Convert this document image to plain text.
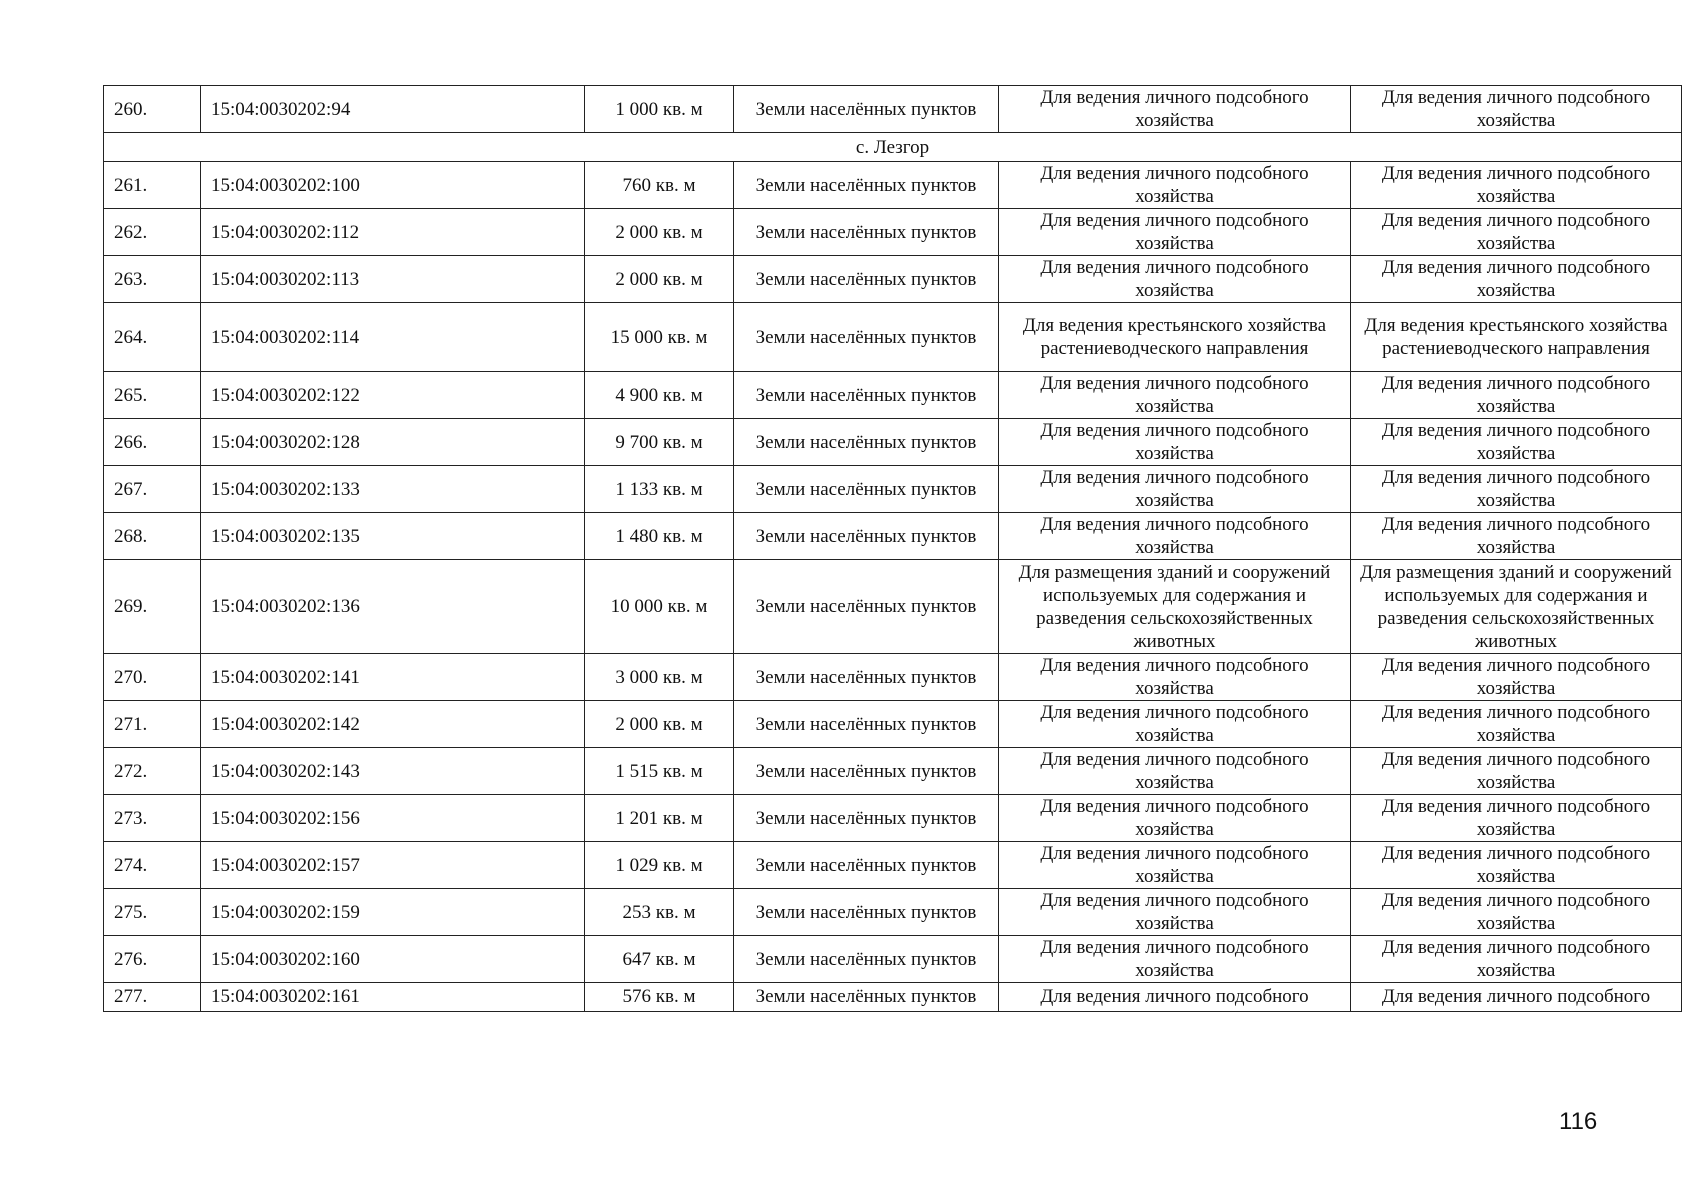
260.	15:04:0030202:94	1 000 кв. м	Земли населённых пунктов	Для ведения личного подсобного хозяйства	Для ведения личного подсобного хозяйства
с. Лезгор					
261.	15:04:0030202:100	760 кв. м	Земли населённых пунктов	Для ведения личного подсобного хозяйства	Для ведения личного подсобного хозяйства
262.	15:04:0030202:112	2 000 кв. м	Земли населённых пунктов	Для ведения личного подсобного хозяйства	Для ведения личного подсобного хозяйства
263.	15:04:0030202:113	2 000 кв. м	Земли населённых пунктов	Для ведения личного подсобного хозяйства	Для ведения личного подсобного хозяйства
264.	15:04:0030202:114	15 000 кв. м	Земли населённых пунктов	Для ведения крестьянского хозяйства растениеводческого направления	Для ведения крестьянского хозяйства растениеводческого направления
265.	15:04:0030202:122	4 900 кв. м	Земли населённых пунктов	Для ведения личного подсобного хозяйства	Для ведения личного подсобного хозяйства
266.	15:04:0030202:128	9 700 кв. м	Земли населённых пунктов	Для ведения личного подсобного хозяйства	Для ведения личного подсобного хозяйства
267.	15:04:0030202:133	1 133 кв. м	Земли населённых пунктов	Для ведения личного подсобного хозяйства	Для ведения личного подсобного хозяйства
268.	15:04:0030202:135	1 480 кв. м	Земли населённых пунктов	Для ведения личного подсобного хозяйства	Для ведения личного подсобного хозяйства
269.	15:04:0030202:136	10 000 кв. м	Земли населённых пунктов	Для размещения зданий и сооружений используемых для содержания и разведения сельскохозяйственных животных	Для размещения зданий и сооружений используемых для содержания и разведения сельскохозяйственных животных
270.	15:04:0030202:141	3 000 кв. м	Земли населённых пунктов	Для ведения личного подсобного хозяйства	Для ведения личного подсобного хозяйства
271.	15:04:0030202:142	2 000 кв. м	Земли населённых пунктов	Для ведения личного подсобного хозяйства	Для ведения личного подсобного хозяйства
272.	15:04:0030202:143	1 515 кв. м	Земли населённых пунктов	Для ведения личного подсобного хозяйства	Для ведения личного подсобного хозяйства
273.	15:04:0030202:156	1 201 кв. м	Земли населённых пунктов	Для ведения личного подсобного хозяйства	Для ведения личного подсобного хозяйства
274.	15:04:0030202:157	1 029 кв. м	Земли населённых пунктов	Для ведения личного подсобного хозяйства	Для ведения личного подсобного хозяйства
275.	15:04:0030202:159	253 кв. м	Земли населённых пунктов	Для ведения личного подсобного хозяйства	Для ведения личного подсобного хозяйства
276.	15:04:0030202:160	647 кв. м	Земли населённых пунктов	Для ведения личного подсобного хозяйства	Для ведения личного подсобного хозяйства
277.	15:04:0030202:161	576 кв. м	Земли населённых пунктов	Для ведения личного подсобного	Для ведения личного подсобного
116
